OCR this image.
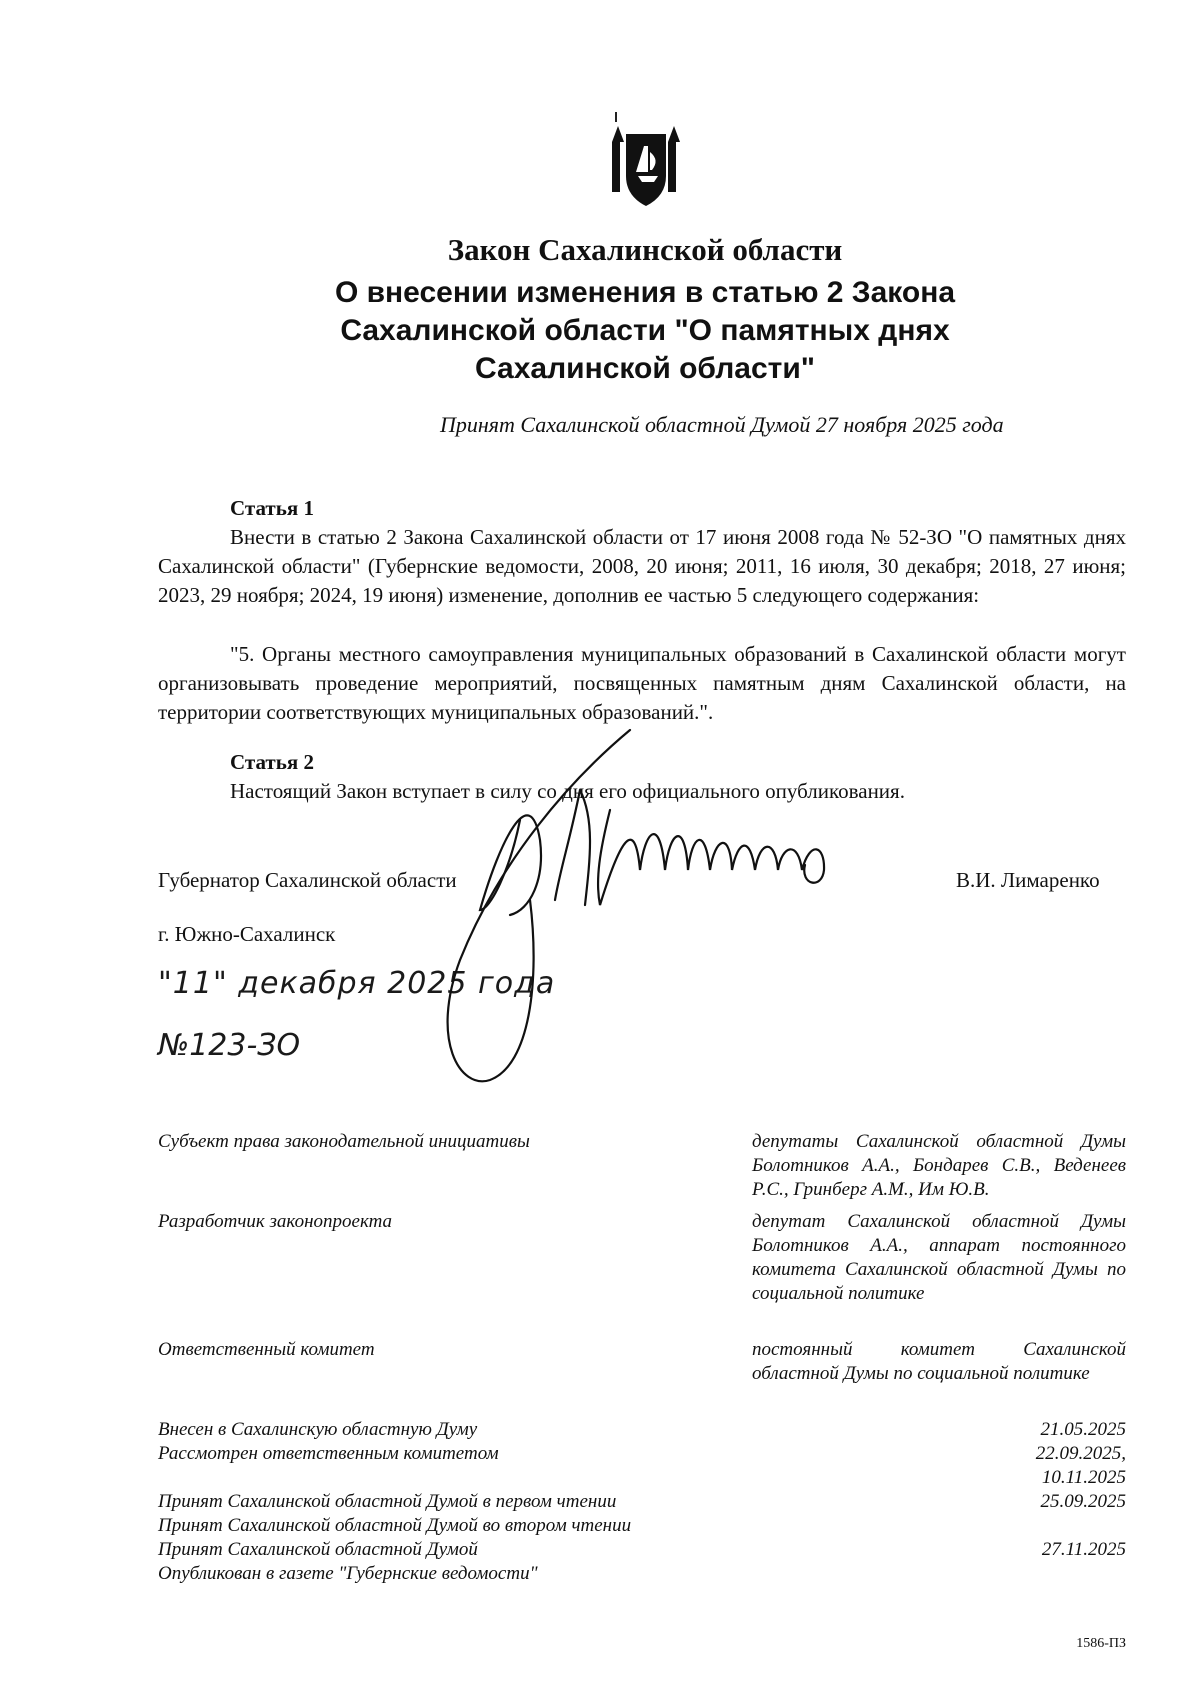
Закон Сахалинской области
О внесении изменения в статью 2 Закона
Сахалинской области "О памятных днях
Сахалинской области"
Принят Сахалинской областной Думой 27 ноября 2025 года
Статья 1

Внести в статью 2 Закона Сахалинской области от 17 июня 2008 года № 52-ЗО "О памятных днях Сахалинской области" (Губернские ведомости, 2008, 20 июня; 2011, 16 июля, 30 декабря; 2018, 27 июня; 2023, 29 ноября; 2024, 19 июня) изменение, дополнив ее частью 5 следующего содержания:

"5. Органы местного самоуправления муниципальных образований в Сахалинской области могут организовывать проведение мероприятий, посвященных памятным дням Сахалинской области, на территории соответствующих муниципальных образований.".

Статья 2

Настоящий Закон вступает в силу со дня его официального опубликования.

Губернатор Сахалинской области	В.И. Лимаренко
г. Южно-Сахалинск
"11" декабря 2025 года
№123-ЗО
Субъект права законодательной инициативы	депутаты Сахалинской областной Думы Болотников А.А., Бондарев С.В., Веденеев Р.С., Гринберг А.М., Им Ю.В.
Разработчик законопроекта	депутат Сахалинской областной Думы Болотников А.А., аппарат постоянного комитета Сахалинской областной Думы по социальной политике
Ответственный комитет	постоянный комитет Сахалинской областной Думы по социальной политике
Внесен в Сахалинскую областную Думу	21.05.2025
Рассмотрен ответственным комитетом	22.09.2025,
10.11.2025
Принят Сахалинской областной Думой в первом чтении	25.09.2025
Принят Сахалинской областной Думой во втором чтении
Принят Сахалинской областной Думой	27.11.2025
Опубликован в газете "Губернские ведомости"
1586-ПЗ
